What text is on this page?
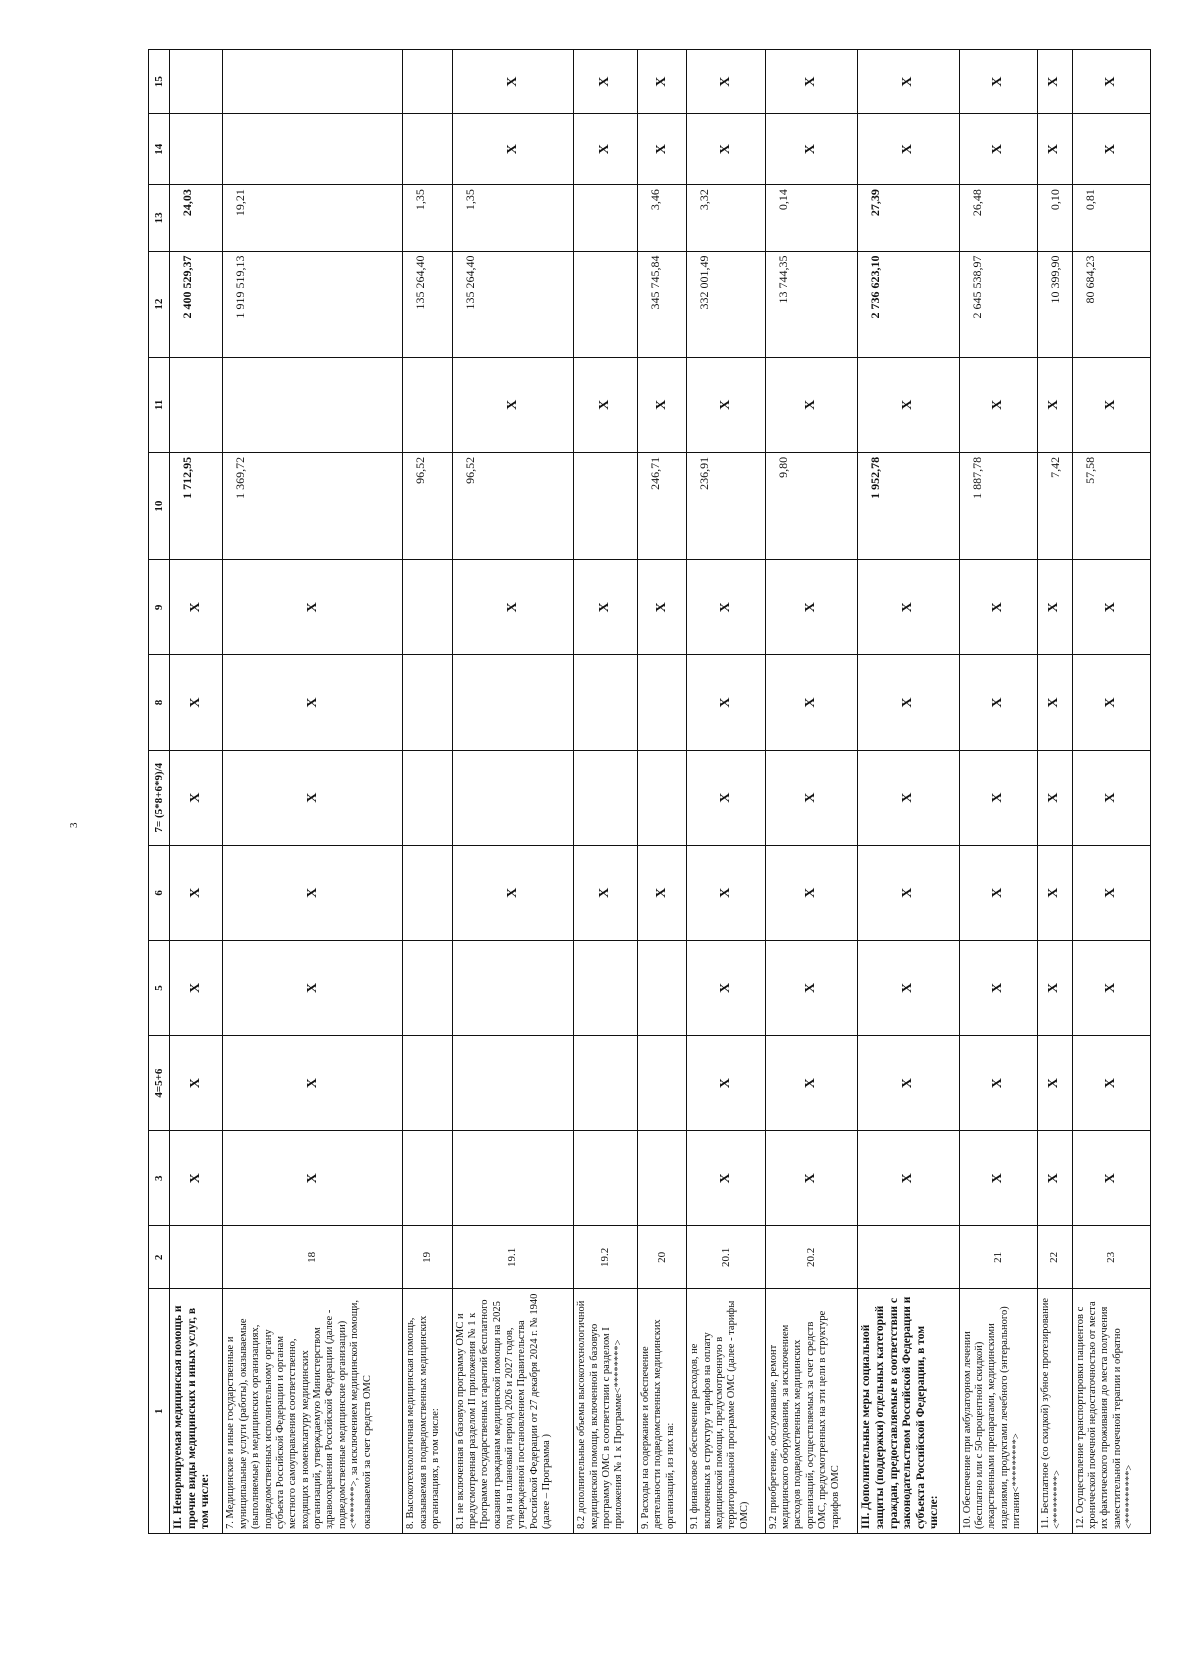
3
1	2	3	4=5+6	5	6	7= (5*8+6*9)/4	8	9	10	11	12	13	14	15
II. Ненормируемая медицинская помощь и прочие виды медицинских и иных услуг, в том числе:		X	X	X	X	X	X	X	1 712,95		2 400 529,37	24,03		
7. Медицинские и иные государственные и муниципальные услуги (работы), оказываемые (выполняемые) в медицинских организациях, подведомственных исполнительному органу субъекта Российской Федерации и органам местного самоуправления соответственно, входящих в номенклатуру медицинских организаций, утверждаемую Министерством здравоохранения Российской Федерации (далее - подведомственные медицинские организации) <*******>, за исключением медицинской помощи, оказываемой за счет средств ОМС	18	X	X	X	X	X	X	X	1 369,72		1 919 519,13	19,21		
8. Высокотехнологичная медицинская помощь, оказываемая в подведомственных медицинских организациях, в том числе:	19								96,52		135 264,40	1,35		
8.1 не включенная в базовую программу ОМС и предусмотренная разделом II приложения № 1 к Программе государственных гарантий бесплатного оказания гражданам медицинской помощи на 2025 год и на плановый период 2026 и 2027 годов, утвержденной постановлением Правительства Российской Федерации от 27 декабря 2024 г. № 1940 (далее – Программа )	19.1				X			X	96,52	X	135 264,40	1,35	X	X
8.2 дополнительные объемы высокотехнологичной медицинской помощи, включенной в базовую программу ОМС в соответствии с разделом I приложения № 1 к Программе<********>	19.2				X			X		X			X	X
9. Расходы на содержание и обеспечение деятельности подведомственных медицинских организаций, из них на:	20				X			X	246,71	X	345 745,84	3,46	X	X
9.1 финансовое обеспечение расходов, не включенных в структуру тарифов на оплату медицинской помощи, предусмотренную в территориальной программе ОМС (далее - тарифы ОМС)	20.1	X	X	X	X	X	X	X	236,91	X	332 001,49	3,32	X	X
9.2 приобретение, обслуживание, ремонт медицинского оборудования, за исключением расходов подведомственных медицинских организаций, осуществляемых за счет средств ОМС, предусмотренных на эти цели в структуре тарифов ОМС	20.2	X	X	X	X	X	X	X	9,80	X	13 744,35	0,14	X	X
III. Дополнительные меры социальной защиты (поддержки) отдельных категорий граждан, предоставляемые в соответствии с законодательством Российской Федерации и субъекта Российской Федерации, в том числе:		X	X	X	X	X	X	X	1 952,78	X	2 736 623,10	27,39	X	X
10. Обеспечение при амбулаторном лечении (бесплатно или с 50-процентной скидкой) лекарственными препаратами, медицинскими изделиями, продуктами лечебного (энтерального) питания<*********>	21	X	X	X	X	X	X	X	1 887,78	X	2 645 538,97	26,48	X	X
11. Бесплатное (со скидкой) зубное протезирование <*********>	22	X	X	X	X	X	X	X	7,42	X	10 399,90	0,10	X	X
12. Осуществление транспортировки пациентов с хронической почечной недостаточностью от места их фактического проживания до места получения заместительной почечной терапии и обратно <**********>	23	X	X	X	X	X	X	X	57,58	X	80 684,23	0,81	X	X
